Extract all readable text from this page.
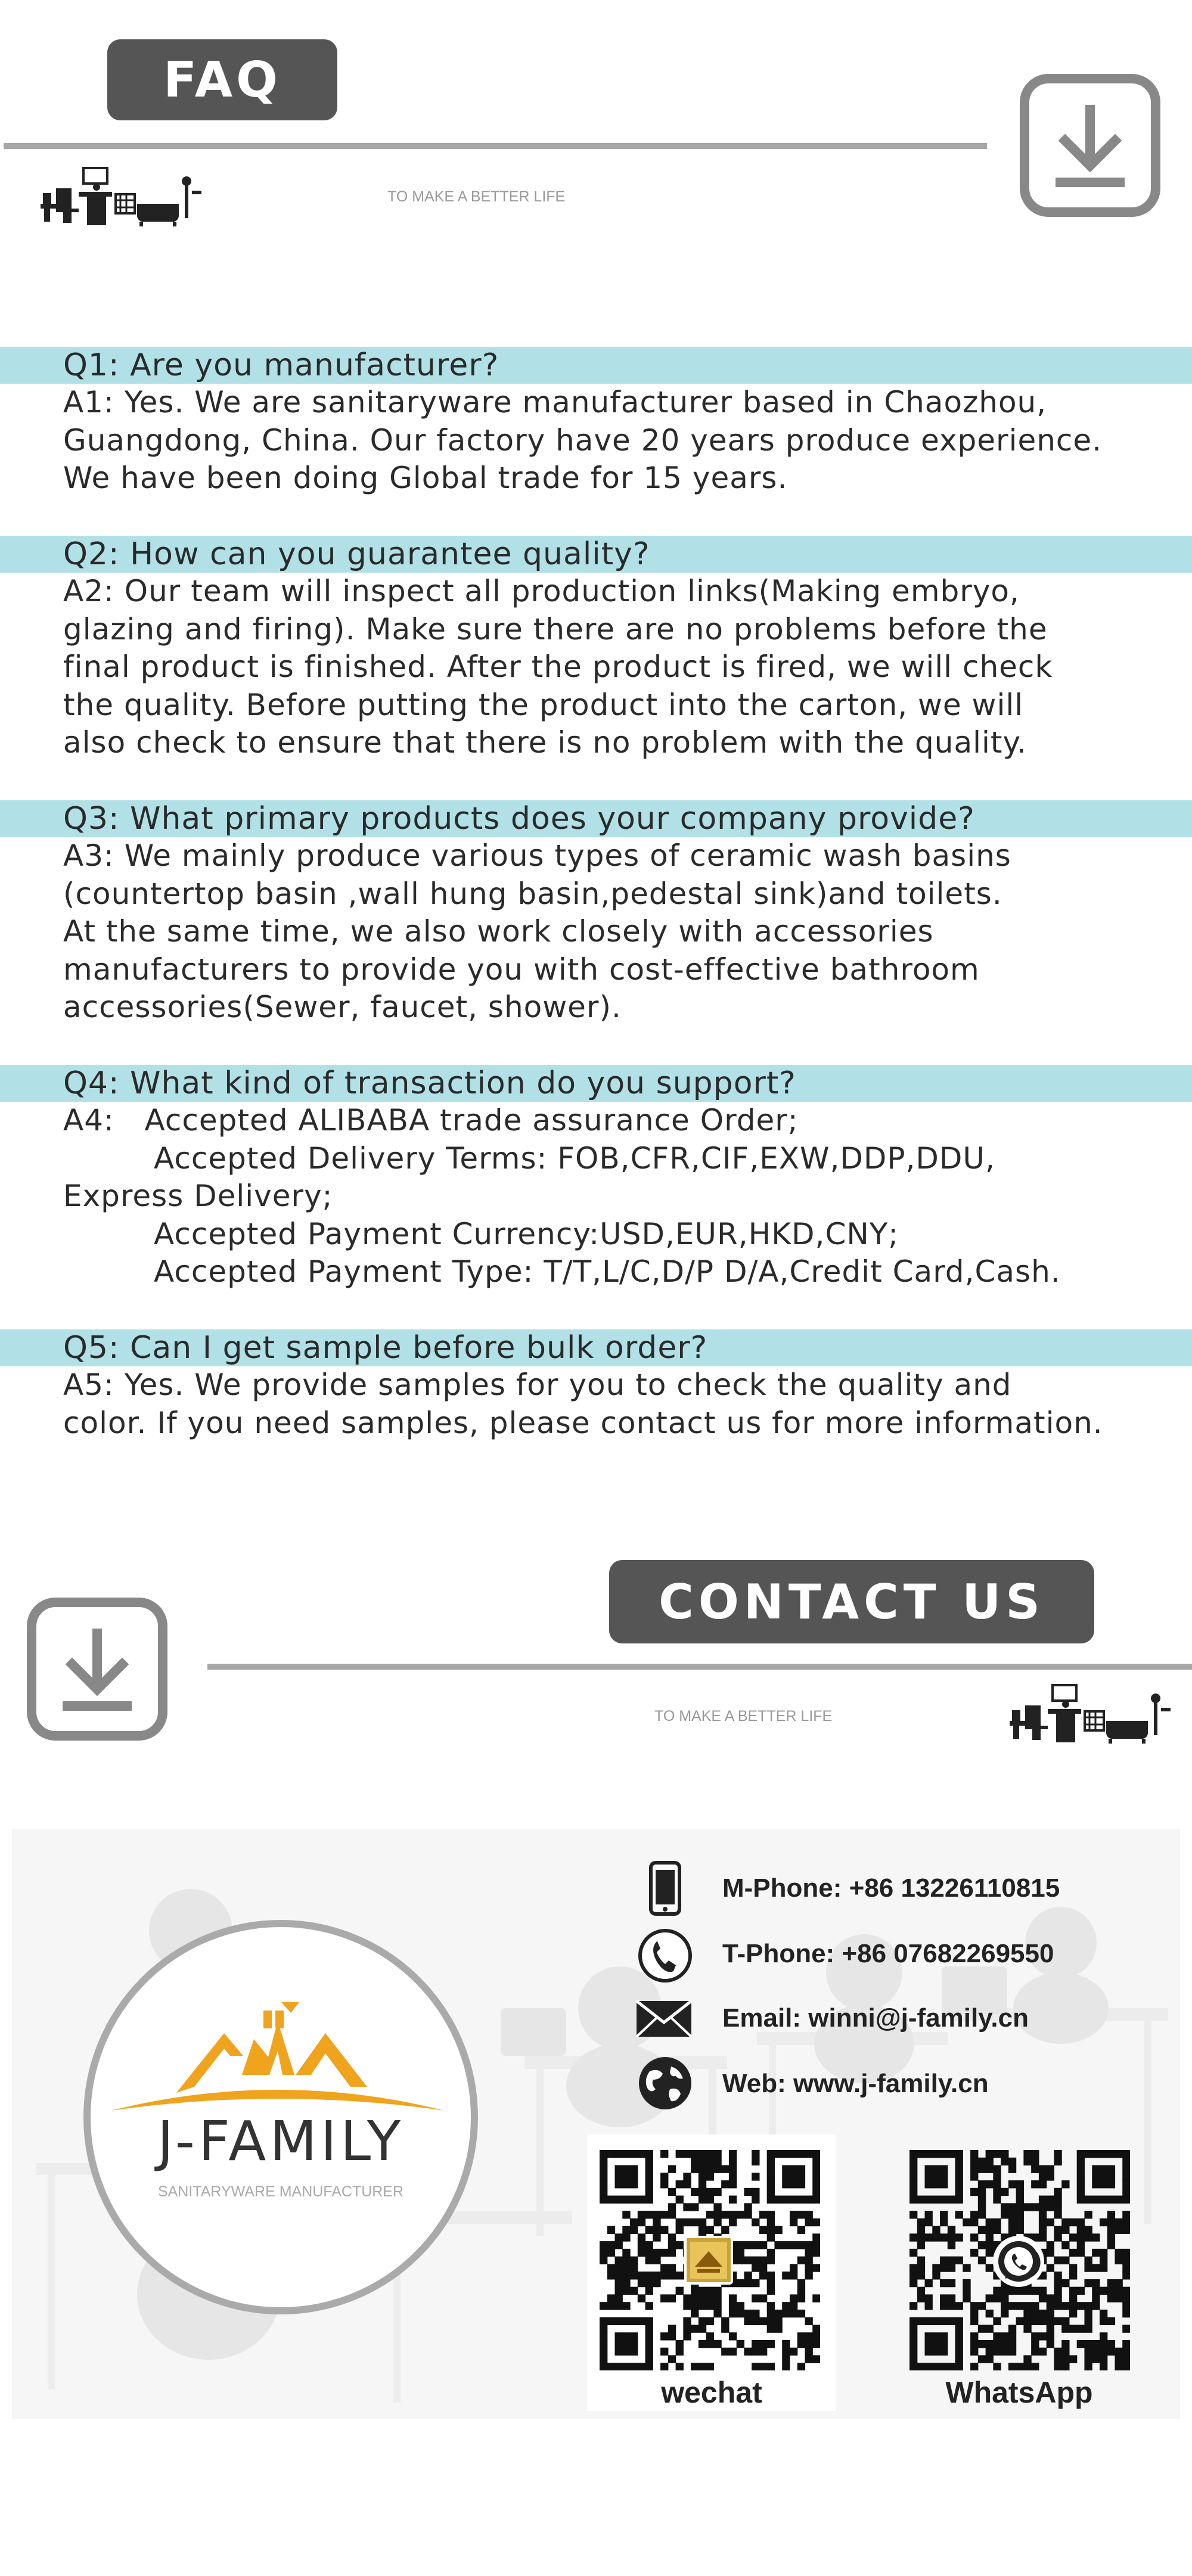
FAQ
TO MAKE A BETTER LIFE
Q1: Are you manufacturer?
A1: Yes. We are sanitaryware manufacturer based in Chaozhou,
Guangdong, China. Our factory have 20 years produce experience.
We have been doing Global trade for 15 years.
Q2: How can you guarantee quality?
A2: Our team will inspect all production links(Making embryo,
glazing and firing). Make sure there are no problems before the
final product is finished. After the product is fired, we will check
the quality. Before putting the product into the carton, we will
also check to ensure that there is no problem with the quality.
Q3: What primary products does your company provide?
A3: We mainly produce various types of ceramic wash basins
(countertop basin ,wall hung basin,pedestal sink)and toilets.
At the same time, we also work closely with accessories
manufacturers to provide you with cost-effective bathroom
accessories(Sewer, faucet, shower).
Q4: What kind of transaction do you support?
A4:   Accepted ALIBABA trade assurance Order;
Accepted Delivery Terms: FOB,CFR,CIF,EXW,DDP,DDU,
Express Delivery;
Accepted Payment Currency:USD,EUR,HKD,CNY;
Accepted Payment Type: T/T,L/C,D/P D/A,Credit Card,Cash.
Q5: Can I get sample before bulk order?
A5: Yes. We provide samples for you to check the quality and
color. If you need samples, please contact us for more information.
CONTACT US
TO MAKE A BETTER LIFE
J-FAMILY
SANITARYWARE MANUFACTURER
M-Phone: +86 13226110815
T-Phone: +86 07682269550
Email: winni@j-family.cn
Web: www.j-family.cn
wechat	WhatsApp
